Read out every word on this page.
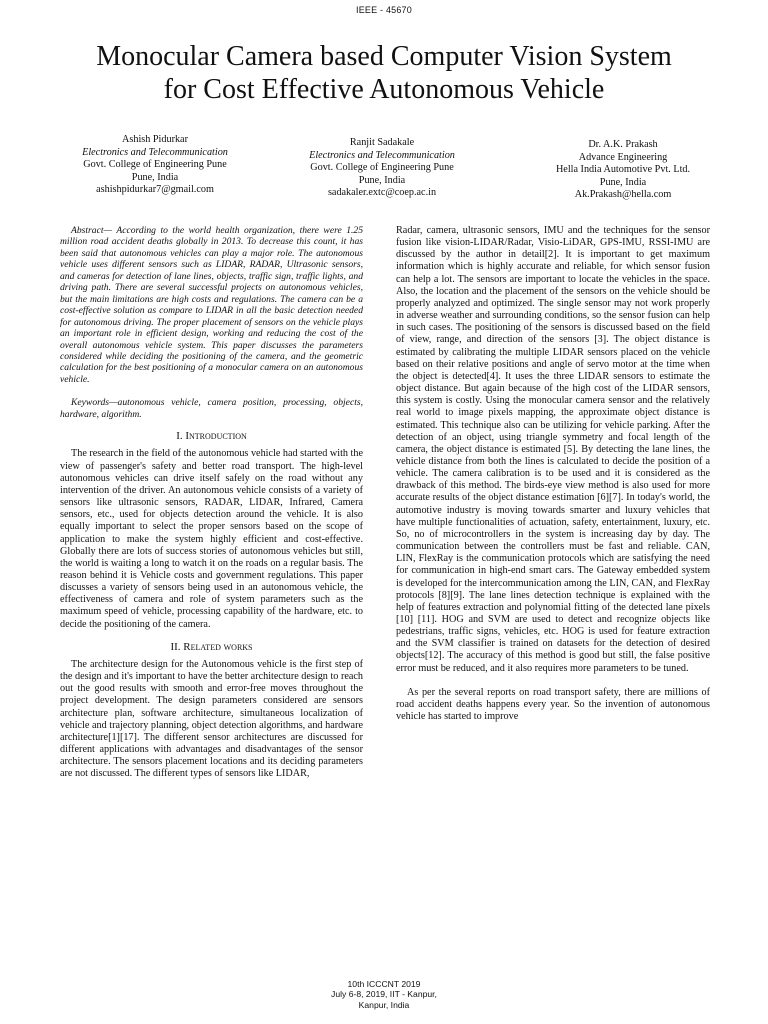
IEEE - 45670
Monocular Camera based Computer Vision System
for Cost Effective Autonomous Vehicle
Ashish Pidurkar
Electronics and Telecommunication
Govt. College of Engineering Pune
Pune, India
ashishpidurkar7@gmail.com
Ranjit Sadakale
Electronics and Telecommunication
Govt. College of Engineering Pune
Pune, India
sadakaler.extc@coep.ac.in
Dr. A.K. Prakash
Advance Engineering
Hella India Automotive Pvt. Ltd.
Pune, India
Ak.Prakash@hella.com

Abstract— According to the world health organization, there were 1.25 million road accident deaths globally in 2013. To decrease this count, it has been said that autonomous vehicles can play a major role. The autonomous vehicle uses different sensors such as LIDAR, RADAR, Ultrasonic sensors, and cameras for detection of lane lines, objects, traffic sign, traffic lights, and driving path. There are several successful projects on autonomous vehicles, but the main limitations are high costs and regulations. The camera can be a cost-effective solution as compare to LIDAR in all the basic detection needed for autonomous driving. The proper placement of sensors on the vehicle plays an important role in efficient design, working and reducing the cost of the overall autonomous vehicle system. This paper discusses the parameters considered while deciding the positioning of the camera, and the geometric calculation for the best positioning of a monocular camera on an autonomous vehicle.

Keywords—autonomous vehicle, camera position, processing, objects, hardware, algorithm.

I. Introduction

The research in the field of the autonomous vehicle had started with the view of passenger's safety and better road transport. The high-level autonomous vehicles can drive itself safely on the road without any intervention of the driver. An autonomous vehicle consists of a variety of sensors like ultrasonic sensors, RADAR, LIDAR, Infrared, Camera sensors, etc., used for objects detection around the vehicle. It is also equally important to select the proper sensors based on the scope of application to make the system highly efficient and cost-effective. Globally there are lots of success stories of autonomous vehicles but still, the world is waiting a long to watch it on the roads on a regular basis. The reason behind it is Vehicle costs and government regulations. This paper discusses a variety of sensors being used in an autonomous vehicle, the effectiveness of camera and role of system parameters such as the maximum speed of vehicle, processing capability of the hardware, etc. to decide the positioning of the camera.

II. Related works

The architecture design for the Autonomous vehicle is the first step of the design and it's important to have the better architecture design to reach out the good results with smooth and error-free moves throughout the project development. The design parameters considered are sensors architecture plan, software architecture, simultaneous localization of vehicle and trajectory planning, object detection algorithms, and hardware architecture[1][17]. The different sensor architectures are discussed for different applications with advantages and disadvantages of the sensor architecture. The sensors placement locations and its deciding parameters are not discussed. The different types of sensors like LIDAR,

Radar, camera, ultrasonic sensors, IMU and the techniques for the sensor fusion like vision-LIDAR/Radar, Visio-LiDAR, GPS-IMU, RSSI-IMU are discussed by the author in detail[2]. It is important to get maximum information which is highly accurate and reliable, for which sensor fusion can help a lot. The sensors are important to locate the vehicles in the space. Also, the location and the placement of the sensors on the vehicle should be properly analyzed and optimized. The single sensor may not work properly in adverse weather and surrounding conditions, so the sensor fusion can help in such cases. The positioning of the sensors is discussed based on the field of view, range, and direction of the sensors [3]. The object distance is estimated by calibrating the multiple LIDAR sensors placed on the vehicle based on their relative positions and angle of servo motor at the time when the object is detected[4]. It uses the three LIDAR sensors to estimate the object distance. But again because of the high cost of the LIDAR sensors, this system is costly. Using the monocular camera sensor and the relatively real world to image pixels mapping, the approximate object distance is estimated. This technique also can be utilizing for vehicle parking. After the detection of an object, using triangle symmetry and focal length of the camera, the object distance is estimated [5]. By detecting the lane lines, the vehicle distance from both the lines is calculated to decide the position of a vehicle. The camera calibration is to be used and it is considered as the drawback of this method. The birds-eye view method is also used for more accurate results of the object distance estimation [6][7]. In today's world, the automotive industry is moving towards smarter and luxury vehicles that have multiple functionalities of actuation, safety, entertainment, luxury, etc. So, no of microcontrollers in the system is increasing day by day. The communication between the controllers must be fast and reliable. CAN, LIN, FlexRay is the communication protocols which are satisfying the need for communication in high-end smart cars. The Gateway embedded system is developed for the intercommunication among the LIN, CAN, and FlexRay protocols [8][9]. The lane lines detection technique is explained with the help of features extraction and polynomial fitting of the detected lane pixels [10] [11]. HOG and SVM are used to detect and recognize objects like pedestrians, traffic signs, vehicles, etc. HOG is used for feature extraction and the SVM classifier is trained on datasets for the detection of desired objects[12]. The accuracy of this method is good but still, the false positive error must be reduced, and it also requires more parameters to be tuned.

As per the several reports on road transport safety, there are millions of road accident deaths happens every year. So the invention of autonomous vehicle has started to improve

10th ICCCNT 2019
July 6-8, 2019, IIT - Kanpur,
Kanpur, India
